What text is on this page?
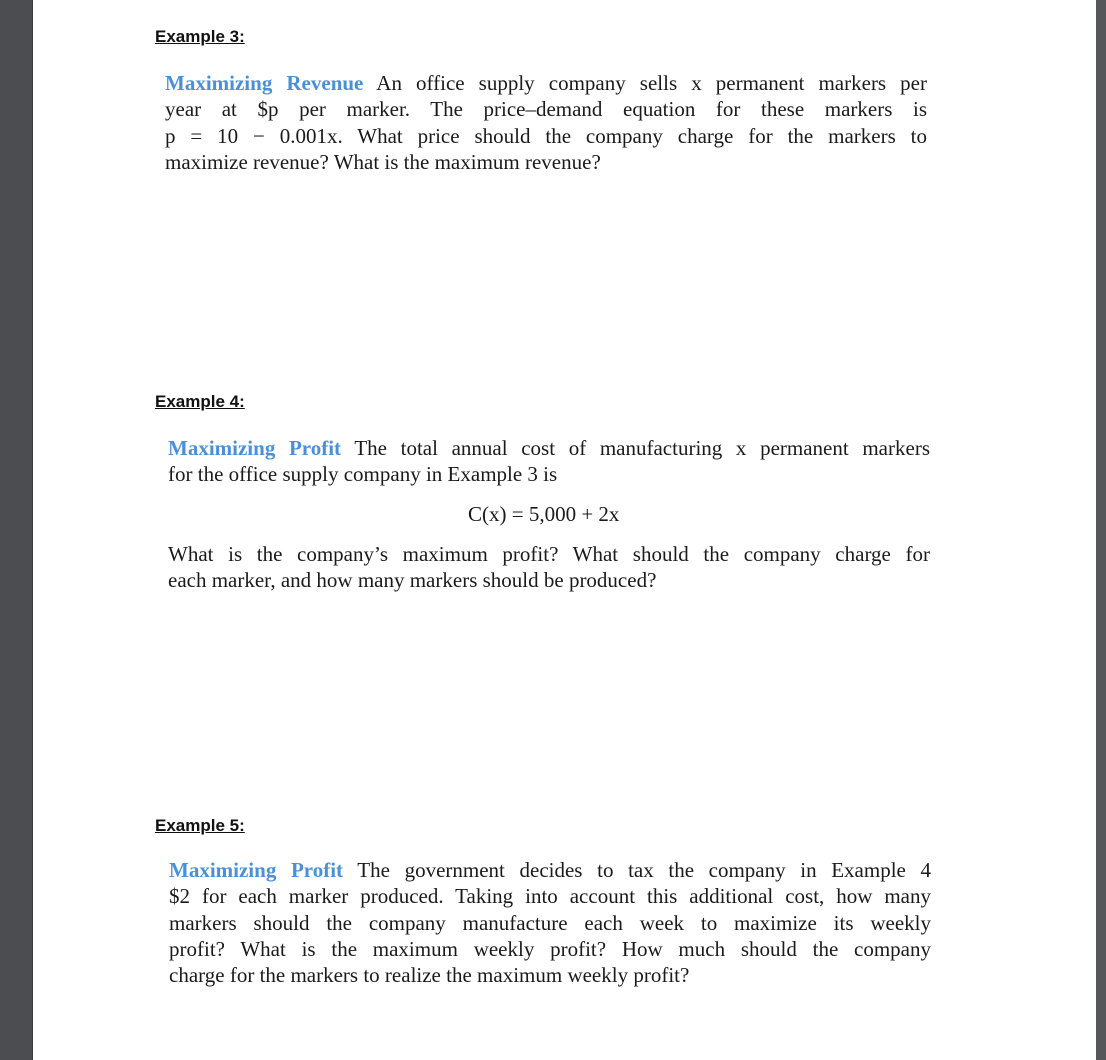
Example 3:
Maximizing Revenue An office supply company sells x permanent markers per
year at $p per marker. The price–demand equation for these markers is
p = 10 − 0.001x. What price should the company charge for the markers to
maximize revenue? What is the maximum revenue?
Example 4:
Maximizing Profit The total annual cost of manufacturing x permanent markers
for the office supply company in Example 3 is
C(x) = 5,000 + 2x
What is the company’s maximum profit? What should the company charge for
each marker, and how many markers should be produced?
Example 5:
Maximizing Profit The government decides to tax the company in Example 4
$2 for each marker produced. Taking into account this additional cost, how many
markers should the company manufacture each week to maximize its weekly
profit? What is the maximum weekly profit? How much should the company
charge for the markers to realize the maximum weekly profit?
